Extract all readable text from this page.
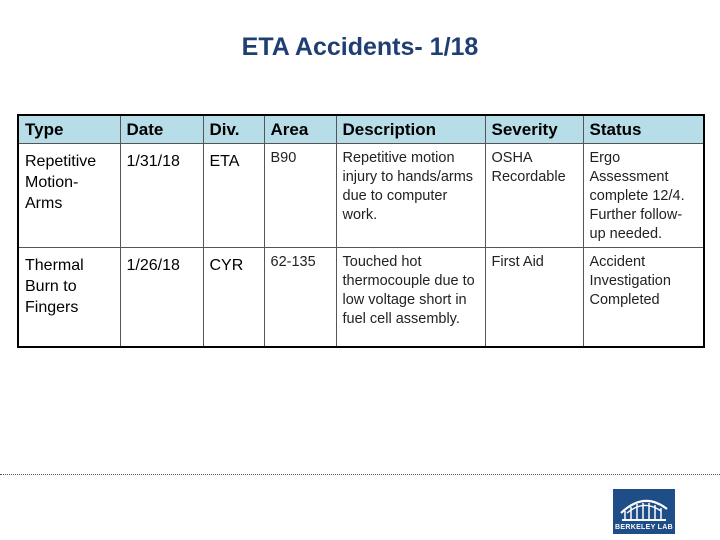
ETA Accidents- 1/18
Type	Date	Div.	Area	Description	Severity	Status
Repetitive Motion-Arms	1/31/18	ETA	B90	Repetitive motion injury to hands/arms due to computer work.	OSHA Recordable	Ergo Assessment complete 12/4. Further follow-up needed.
Thermal Burn to Fingers	1/26/18	CYR	62-135	Touched hot thermocouple due to low voltage short in fuel cell assembly.	First Aid	Accident Investigation Completed
BERKELEY LAB
